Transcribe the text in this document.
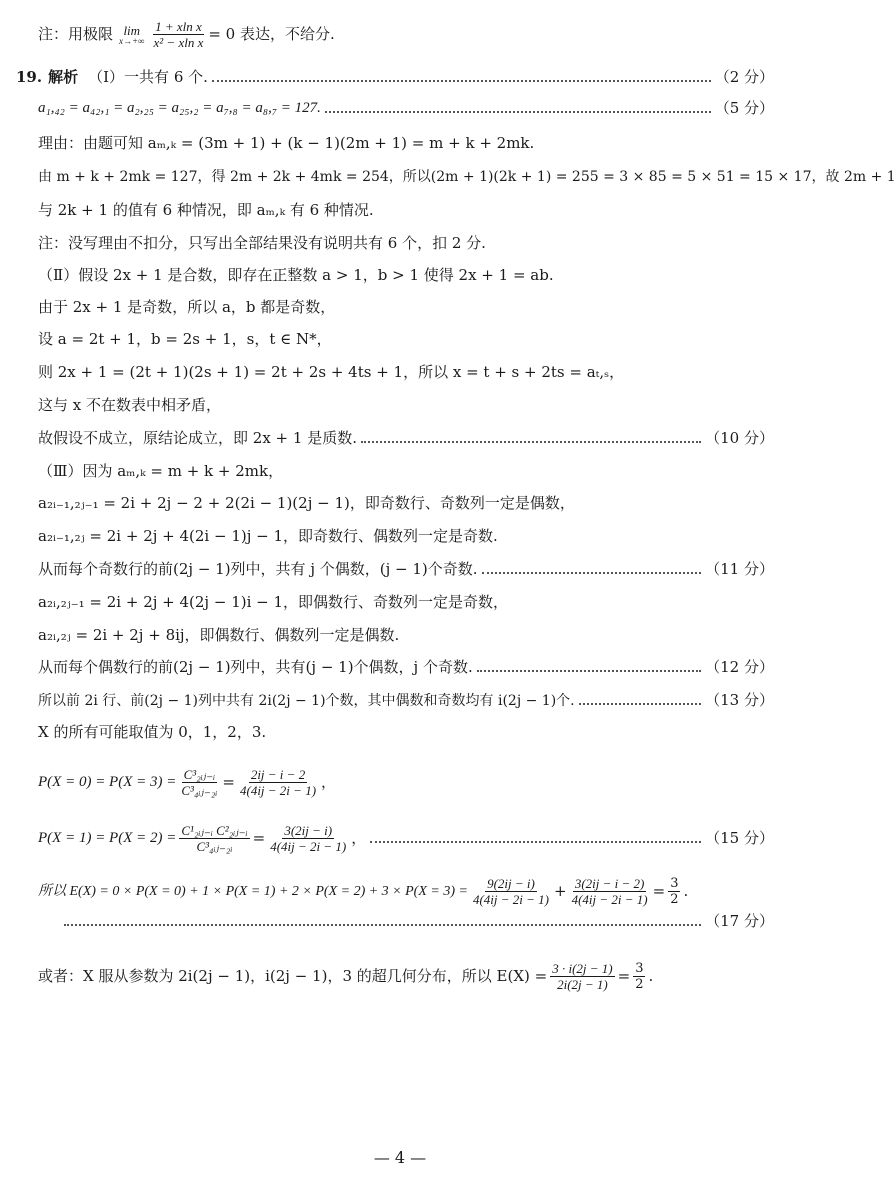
注：用极限 lim
$x\to+\infty \frac{\text{1 + xln x}}{\text{x² − xln x}} = 0$ 表达，不给分.
19. 解析 （Ⅰ）一共有 6 个.	（2 分）
a₁,₄₂ = a₄₂,₁ = a₂,₂₅ = a₂₅,₂ = a₇,₈ = a₈,₇ = 127.	（5 分）
理由：由题可知 aₘ,ₖ = (3m + 1) + (k − 1)(2m + 1) = m + k + 2mk.
由 m + k + 2mk = 127，得 2m + 2k + 4mk = 254，所以(2m + 1)(2k + 1) = 255 = 3 × 85 = 5 × 51 = 15 × 17，故 2m + 1
与 2k + 1 的值有 6 种情况，即 aₘ,ₖ 有 6 种情况.
注：没写理由不扣分，只写出全部结果没有说明共有 6 个，扣 2 分.
（Ⅱ）假设 2x + 1 是合数，即存在正整数 a > 1，b > 1 使得 2x + 1 = ab.
由于 2x + 1 是奇数，所以 a，b 都是奇数，
设 a = 2t + 1，b = 2s + 1，s，t ∈ N*，
则 2x + 1 = (2t + 1)(2s + 1) = 2t + 2s + 4ts + 1，所以 x = t + s + 2ts = aₜ,ₛ，
这与 x 不在数表中相矛盾，
故假设不成立，原结论成立，即 2x + 1 是质数.	（10 分）
（Ⅲ）因为 aₘ,ₖ = m + k + 2mk，
a₂ᵢ₋₁,₂ⱼ₋₁ = 2i + 2j − 2 + 2(2i − 1)(2j − 1)，即奇数行、奇数列一定是偶数，
a₂ᵢ₋₁,₂ⱼ = 2i + 2j + 4(2i − 1)j − 1，即奇数行、偶数列一定是奇数.
从而每个奇数行的前(2j − 1)列中，共有 j 个偶数，(j − 1)个奇数.	（11 分）
a₂ᵢ,₂ⱼ₋₁ = 2i + 2j + 4(2j − 1)i − 1，即偶数行、奇数列一定是奇数，
a₂ᵢ,₂ⱼ = 2i + 2j + 8ij，即偶数行、偶数列一定是偶数.
从而每个偶数行的前(2j − 1)列中，共有(j − 1)个偶数，j 个奇数.	（12 分）
所以前 2i 行、前(2j − 1)列中共有 2i(2j − 1)个数，其中偶数和奇数均有 i(2j − 1)个.	（13 分）
X 的所有可能取值为 0，1，2，3.
$P(X = 0) = P(X = 3) = \frac{\text{C³₂ᵢⱼ₋ᵢ}}{\text{C³₄ᵢⱼ₋₂ᵢ}} = \frac{2ij - i - 2}{4(4ij - 2i - 1)}$ ，
$P(X = 1) = P(X = 2) = \frac{\text{C¹₂ᵢⱼ₋ᵢ C²₂ᵢⱼ₋ᵢ}}{\text{C³₄ᵢⱼ₋₂ᵢ}} = \frac{3(2ij - i)}{4(4ij - 2i - 1)}$ ，	（15 分）
所以 $E(X) = 0 \times P(X = 0) + 1 \times P(X = 1) + 2 \times P(X = 2) + 3 \times P(X = 3) = \frac{9(2ij - i)}{4(4ij - 2i - 1)} + \frac{3(2ij - i - 2)}{4(4ij - 2i - 1)} = \frac{3}{2}$ .
（17 分）
或者：X 服从参数为 2i(2j − 1)，i(2j − 1)，3 的超几何分布，所以 $E(X) = \frac{3 \cdot i(2j - 1)}{2i(2j - 1)} = \frac{3}{2}$ .
— 4 —
